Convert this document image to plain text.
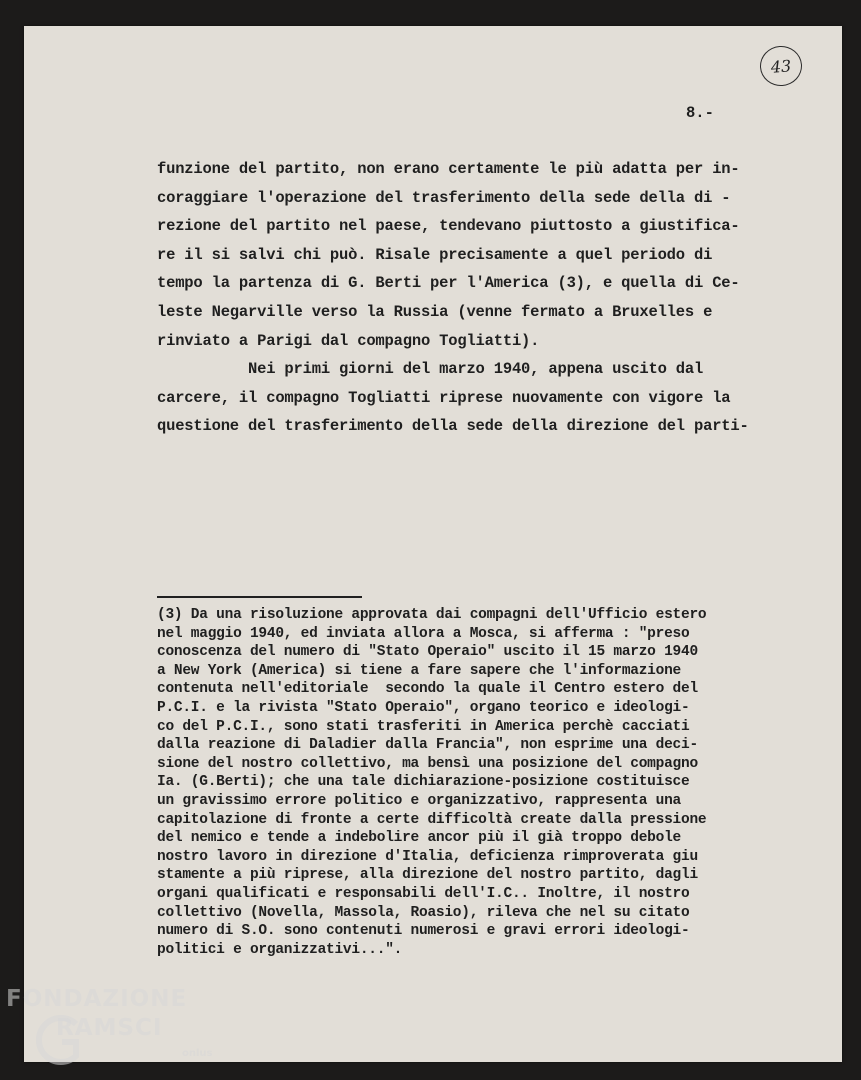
43
8.-
funzione del partito, non erano certamente le più adatta per in-
coraggiare l'operazione del trasferimento della sede della di -
rezione del partito nel paese, tendevano piuttosto a giustifica-
re il si salvi chi può. Risale precisamente a quel periodo di
tempo la partenza di G. Berti per l'America (3), e quella di Ce-
leste Negarville verso la Russia (venne fermato a Bruxelles e
rinviato a Parigi dal compagno Togliatti).
Nei primi giorni del marzo 1940, appena uscito dal
carcere, il compagno Togliatti riprese nuovamente con vigore la
questione del trasferimento della sede della direzione del parti-
(3) Da una risoluzione approvata dai compagni dell'Ufficio estero
nel maggio 1940, ed inviata allora a Mosca, si afferma : "preso
conoscenza del numero di "Stato Operaio" uscito il 15 marzo 1940
a New York (America) si tiene a fare sapere che l'informazione
contenuta nell'editoriale  secondo la quale il Centro estero del
P.C.I. e la rivista "Stato Operaio", organo teorico e ideologi-
co del P.C.I., sono stati trasferiti in America perchè cacciati
dalla reazione di Daladier dalla Francia", non esprime una deci-
sione del nostro collettivo, ma bensì una posizione del compagno
Ia. (G.Berti); che una tale dichiarazione-posizione costituisce
un gravissimo errore politico e organizzativo, rappresenta una
capitolazione di fronte a certe difficoltà create dalla pressione
del nemico e tende a indebolire ancor più il già troppo debole
nostro lavoro in direzione d'Italia, deficienza rimproverata giu
stamente a più riprese, alla direzione del nostro partito, dagli
organi qualificati e responsabili dell'I.C.. Inoltre, il nostro
collettivo (Novella, Massola, Roasio), rileva che nel su citato
numero di S.O. sono contenuti numerosi e gravi errori ideologi-
politici e organizzativi...".
FONDAZIONE
RAMSCI
onlus
